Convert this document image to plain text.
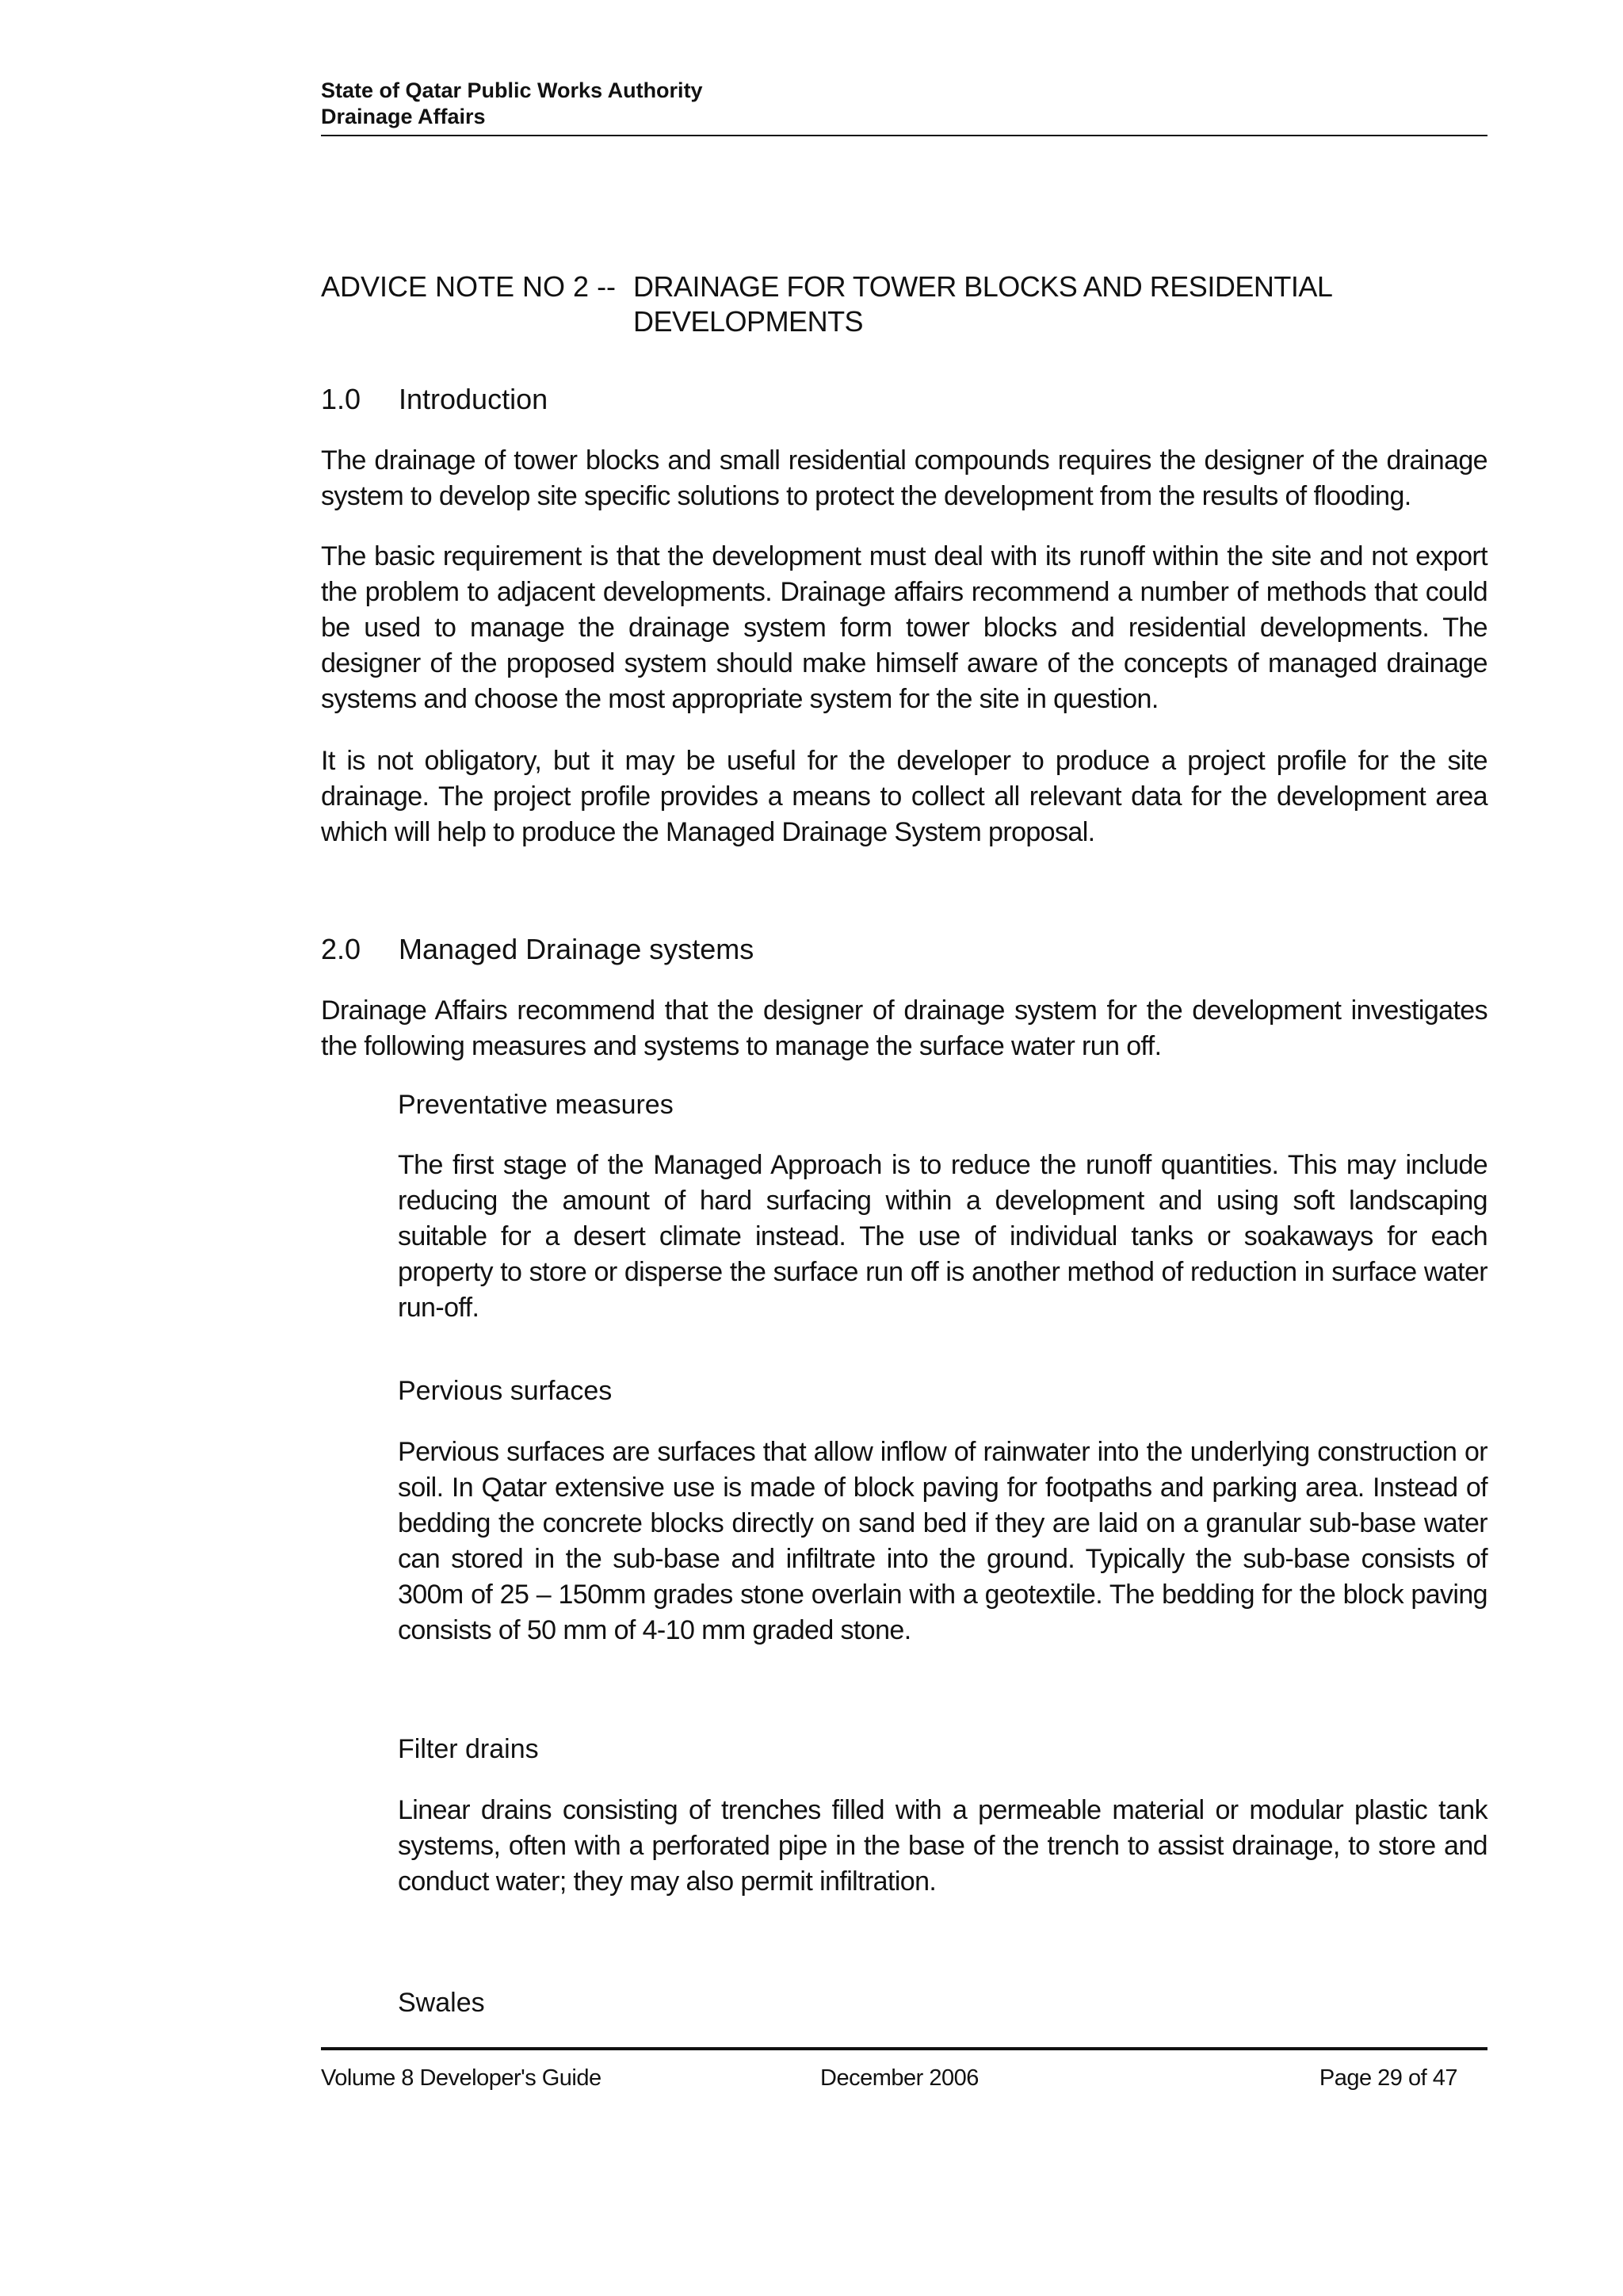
State of Qatar Public Works Authority
Drainage Affairs
ADVICE NOTE NO 2 -- DRAINAGE FOR TOWER BLOCKS AND RESIDENTIAL DEVELOPMENTS
1.0 Introduction
The drainage of tower blocks and small residential compounds requires the designer of the drainage system to develop site specific solutions to protect the development from the results of flooding.
The basic requirement is that the development must deal with its runoff within the site and not export the problem to adjacent developments. Drainage affairs recommend a number of methods that could be used to manage the drainage system form tower blocks and residential developments. The designer of the proposed system should make himself aware of the concepts of managed drainage systems and choose the most appropriate system for the site in question.
It is not obligatory, but it may be useful for the developer to produce a project profile for the site drainage. The project profile provides a means to collect all relevant data for the development area which will help to produce the Managed Drainage System proposal.
2.0 Managed Drainage systems
Drainage Affairs recommend that the designer of drainage system for the development investigates the following measures and systems to manage the surface water run off.
Preventative measures
The first stage of the Managed Approach is to reduce the runoff quantities. This may include reducing the amount of hard surfacing within a development and using soft landscaping suitable for a desert climate instead. The use of individual tanks or soakaways for each property to store or disperse the surface run off is another method of reduction in surface water run-off.
Pervious surfaces
Pervious surfaces are surfaces that allow inflow of rainwater into the underlying construction or soil. In Qatar extensive use is made of block paving for footpaths and parking area. Instead of bedding the concrete blocks directly on sand bed if they are laid on a granular sub-base water can stored in the sub-base and infiltrate into the ground. Typically the sub-base consists of 300m of 25 – 150mm grades stone overlain with a geotextile. The bedding for the block paving consists of 50 mm of 4-10 mm graded stone.
Filter drains
Linear drains consisting of trenches filled with a permeable material or modular plastic tank systems, often with a perforated pipe in the base of the trench to assist drainage, to store and conduct water; they may also permit infiltration.
Swales
Volume 8 Developer's Guide	December 2006	Page 29 of 47
